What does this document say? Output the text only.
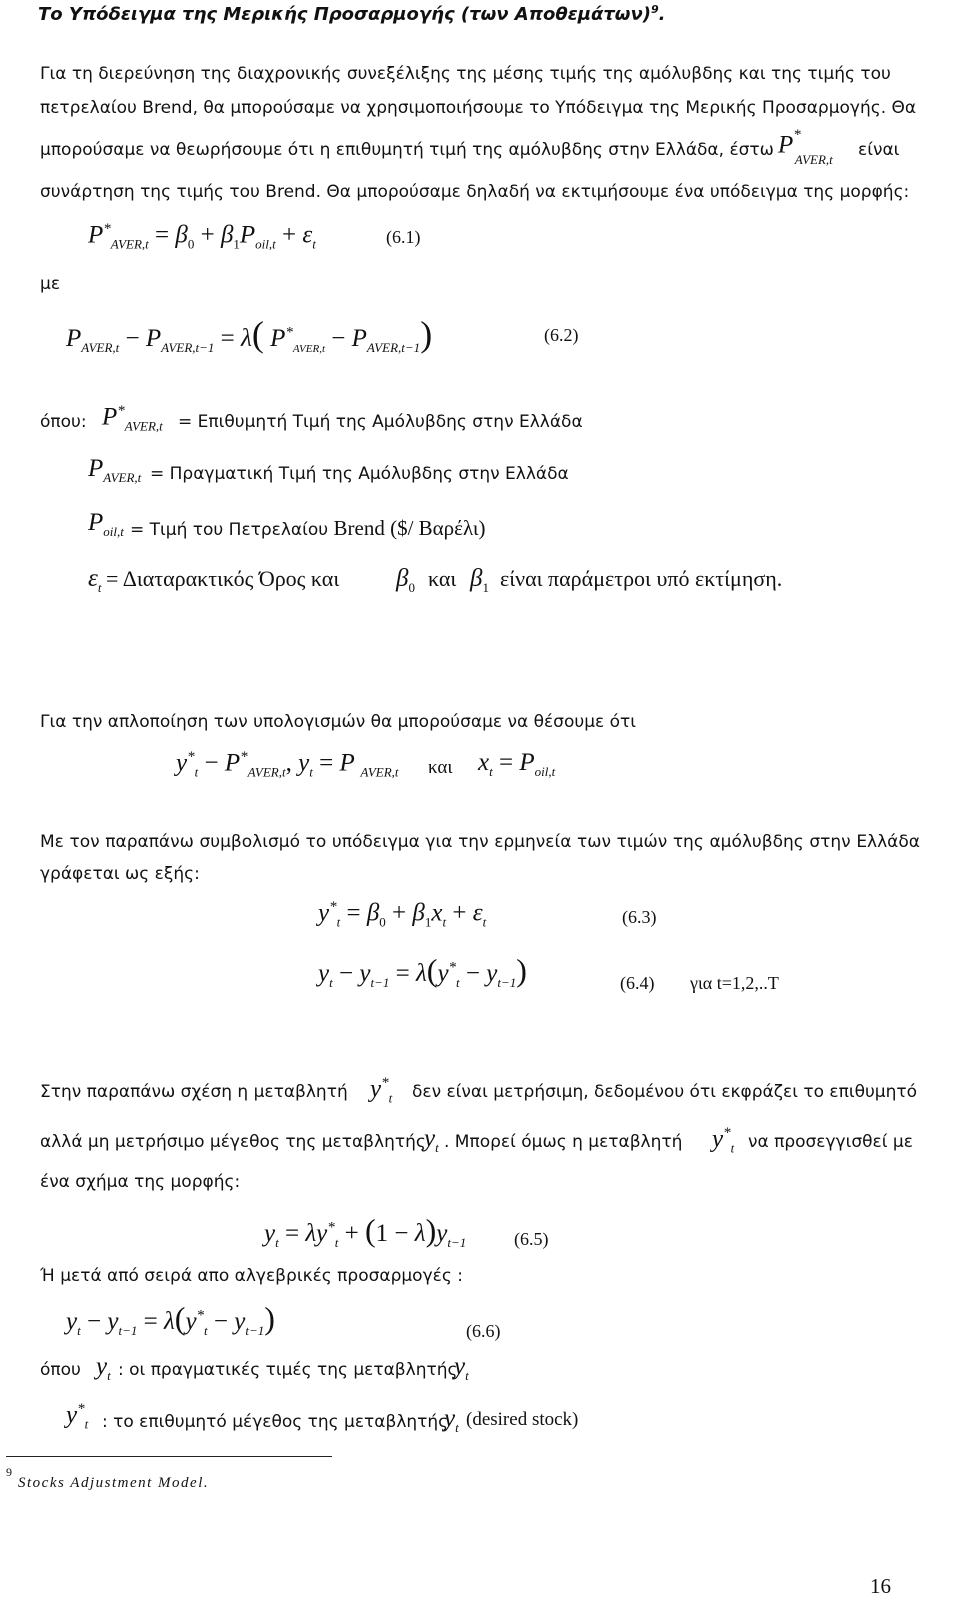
Το Υπόδειγμα της Μερικής Προσαρμογής (των Αποθεμάτων)$^9$.
Για τη διερεύνηση της διαχρονικής συνεξέλιξης της μέσης τιμής της αμόλυβδης και της τιμής του
πετρελαίου Brend, θα μπορούσαμε να χρησιμοποιήσουμε το Υπόδειγμα της Μερικής Προσαρμογής. Θα
μπορούσαμε να θεωρήσουμε ότι η επιθυμητή τιμή της αμόλυβδης στην Ελλάδα, έστω $P^*_{AVER,t}$ είναι
συνάρτηση της τιμής του Brend. Θα μπορούσαμε δηλαδή να εκτιμήσουμε ένα υπόδειγμα της μορφής:
$P^*_{AVER,t} = \beta_0 + \beta_1P_{oil,t} + \varepsilon_t$	(6.1)
με
$P_{AVER,t} - P_{AVER,t-1} = \lambda$( $P^*_{AVER,t} - P_{AVER,t-1}$)	(6.2)
όπου: $P^*_{AVER,t} = E\pi\iota\theta\upsilon\mu\eta\tau ή$ Τιμή της Αμόλυβδης στην Ελλάδα
$P_{AVER,t} = \Pi\rho\alpha\gamma\mu\alpha\tau\iota\kappa ή$ Τιμή της Αμόλυβδης στην Ελλάδα
$P_{oil,t} = T\iota\mu ή$ του Πετρελαίου Brend ($/ Βαρέλι)
$\varepsilon_t = \Delta\iota\alpha\tau\alpha\rho\alpha\kappa\tau\iota\kappa ό\varsigma$ Όρος και $\beta_0$ και $\beta_1$ είναι παράμετροι υπό εκτίμηση.
Για την απλοποίηση των υπολογισμών θα μπορούσαμε να θέσουμε ότι
$y^*_t - P^*_{AVER,t}$, $y_t = P$ $_{AVER,t}$ και $x_t = P_{oil,t}$
Με τον παραπάνω συμβολισμό το υπόδειγμα για την ερμηνεία των τιμών της αμόλυβδης στην Ελλάδα
γράφεται ως εξής:
$y^*_t = \beta_0 + \beta_1x_t + \varepsilon_t$	(6.3)
$y_t - y_{t-1} = \lambda(y^*_t - y_{t-1})$	(6.4) για t=1,2,..T
Στην παραπάνω σχέση η μεταβλητή $y^*_t$ δεν είναι μετρήσιμη, δεδομένου ότι εκφράζει το επιθυμητό
αλλά μη μετρήσιμο μέγεθος της μεταβλητής
$y_t$ . Μπορεί όμως η μεταβλητή $y^*_t$ να προσεγγισθεί με
ένα σχήμα της μορφής:
$y_t = \lambda y^*_t + (1 - \lambda)y_{t-1}$	(6.5)
Ή μετά από σειρά απο αλγεβρικές προσαρμογές :
$y_t - y_{t-1} = \lambda(y^*_t - y_{t-1})$	(6.6)
όπου $y_t$ : οι πραγματικές τιμές της μεταβλητής
$y_t$
$y^*_t$ : το επιθυμητό μέγεθος της μεταβλητής
$y_t$ (desired stock)
9
Stocks Adjustment Model.
16
